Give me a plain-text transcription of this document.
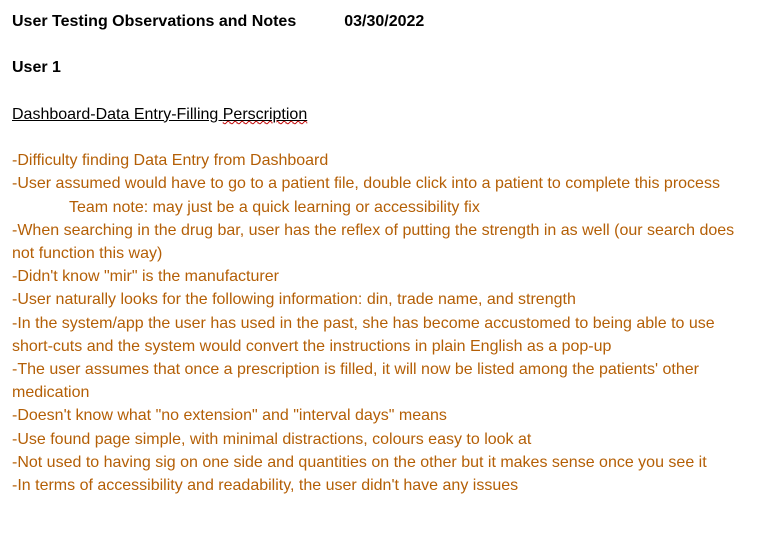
User Testing Observations and Notes	03/30/2022
User 1
Dashboard-Data Entry-Filling Perscription

-Difficulty finding Data Entry from Dashboard

-User assumed would have to go to a patient file, double click into a patient to complete this process

Team note: may just be a quick learning or accessibility fix

-When searching in the drug bar, user has the reflex of putting the strength in as well (our search does not function this way)

-Didn't know "mir" is the manufacturer

-User naturally looks for the following information: din, trade name, and strength

-In the system/app the user has used in the past, she has become accustomed to being able to use short-cuts and the system would convert the instructions in plain English as a pop-up

-The user assumes that once a prescription is filled, it will now be listed among the patients' other medication

-Doesn't know what "no extension" and "interval days" means

-Use found page simple, with minimal distractions, colours easy to look at

-Not used to having sig on one side and quantities on the other but it makes sense once you see it

-In terms of accessibility and readability, the user didn't have any issues
